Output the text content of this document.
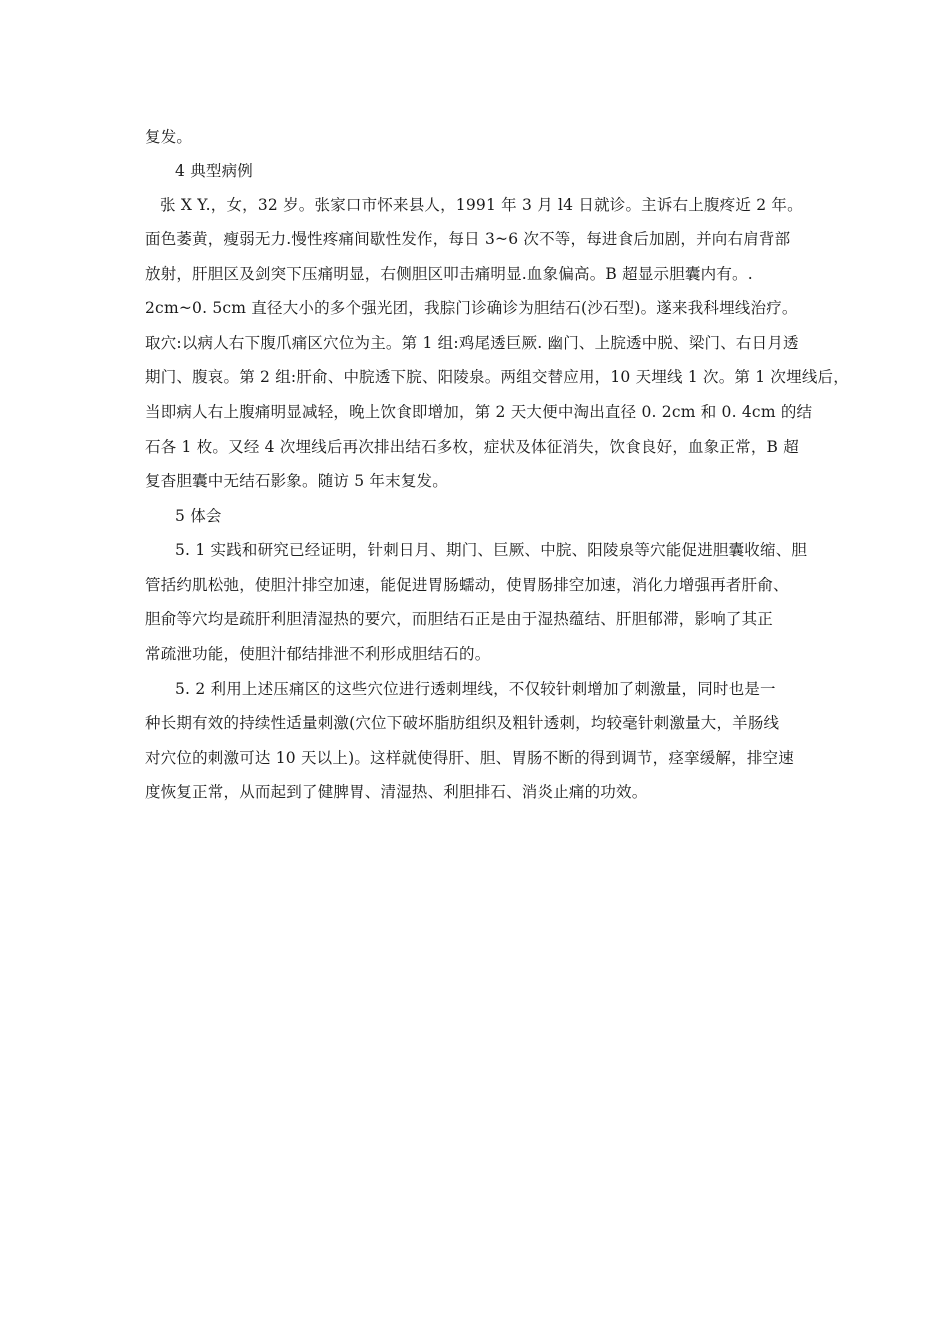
复发。
4 典型病例
张 X Y.，女，32 岁。张家口市怀来县人，1991 年 3 月 l4 日就诊。主诉右上腹疼近 2 年。
面色萎黄，瘦弱无力.慢性疼痛间歇性发作，每日 3~6 次不等，每进食后加剧，并向右肩背部
放射，肝胆区及剑突下压痛明显，右侧胆区叩击痛明显.血象偏高。B 超显示胆囊内有。.
2cm~0. 5cm 直径大小的多个强光团，我腙门诊确诊为胆结石(沙石型)。遂来我科埋线治疗。
取穴:以病人右下腹爪痛区穴位为主。第 1 组:鸡尾透巨厥. 幽门、上脘透中脱、梁门、右日月透
期门、腹哀。第 2 组:肝俞、中脘透下脘、阳陵泉。两组交替应用，10 天埋线 1 次。第 1 次埋线后，
当即病人右上腹痛明显减轻，晚上饮食即增加，第 2 天大便中淘出直径 0. 2cm 和 0. 4cm 的结
石各 1 枚。又经 4 次埋线后再次排出结石多枚，症状及体征消失，饮食良好，血象正常，B 超
复杳胆囊中无结石影象。随访 5 年末复发。
5 体会
5. 1 实践和研究已经证明，针刺日月、期门、巨厥、中脘、阳陵泉等穴能促进胆囊收缩、胆
管括约肌松弛，使胆汁排空加速，能促进胃肠蠕动，使胃肠排空加速，消化力增强再者肝俞、
胆俞等穴均是疏肝利胆清湿热的要穴，而胆结石正是由于湿热蕴结、肝胆郁滞，影响了其正
常疏泄功能，使胆汁郁结排泄不利形成胆结石的。
5. 2 利用上述压痛区的这些穴位进行透刺埋线，不仅较针刺增加了刺激量，同时也是一
种长期有效的持续性适量刺激(穴位下破坏脂肪组织及粗针透刺，均较毫针刺激量大，羊肠线
对穴位的刺激可达 10 天以上)。这样就使得肝、胆、胃肠不断的得到调节，痉挛缓解，排空速
度恢复正常，从而起到了健脾胃、清湿热、利胆排石、消炎止痛的功效。
